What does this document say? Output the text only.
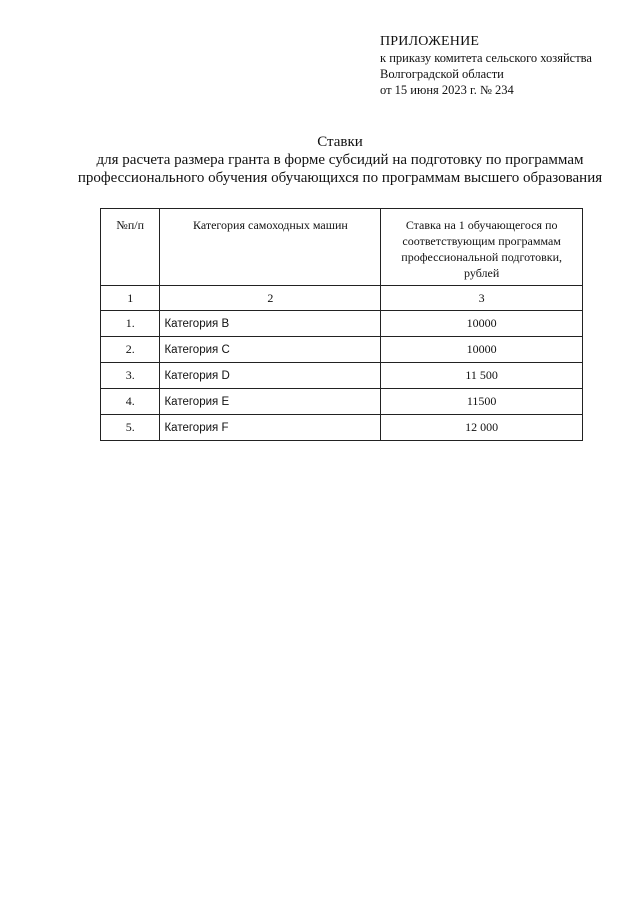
ПРИЛОЖЕНИЕ
к приказу комитета сельского хозяйства
Волгоградской области
от 15 июня 2023 г. № 234
Ставки
для расчета размера гранта в форме субсидий на подготовку по программам
профессионального обучения обучающихся по программам высшего образования
№п/п	Категория самоходных машин	Ставка на 1 обучающегося по соответствующим программам профессиональной подготовки, рублей
1	2	3
1.	Категория B	10000
2.	Категория C	10000
3.	Категория D	11 500
4.	Категория E	11500
5.	Категория F	12 000
